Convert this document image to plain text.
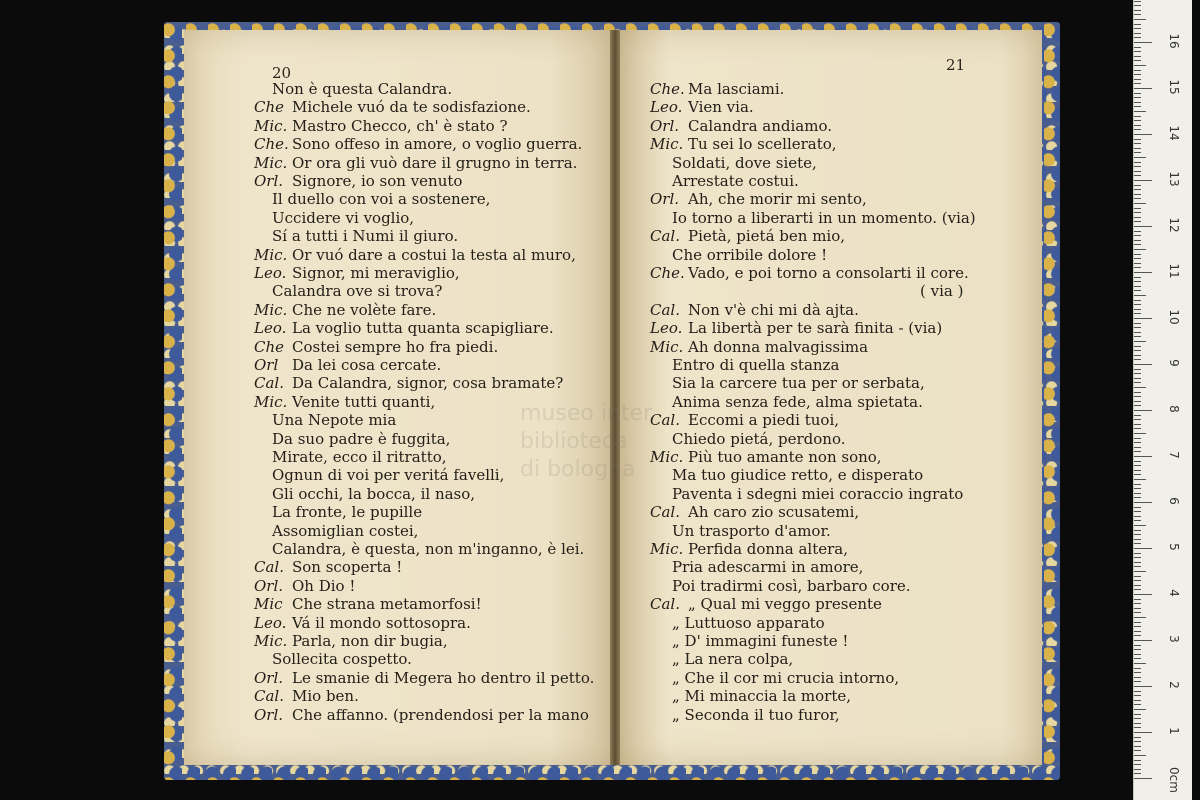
museo inter
biblioteca
di bologna
20	21
Non è questa Calandra.
Che Michele vuó da te sodisfazione.
Mic. Mastro Checco, ch' è stato ?
Che. Sono offeso in amore, o voglio guerra.
Mic. Or ora gli vuò dare il grugno in terra.
Orl. Signore, io son venuto
Il duello con voi a sostenere,
Uccidere vi voglio,
Sí a tutti i Numi il giuro.
Mic. Or vuó dare a costui la testa al muro,
Leo. Signor, mi meraviglio,
Calandra ove si trova?
Mic. Che ne volète fare.
Leo. La voglio tutta quanta scapigliare.
Che Costei sempre ho fra piedi.
Orl Da lei cosa cercate.
Cal. Da Calandra, signor, cosa bramate?
Mic. Venite tutti quanti,
Una Nepote mia
Da suo padre è fuggita,
Mirate, ecco il ritratto,
Ognun di voi per veritá favelli,
Gli occhi, la bocca, il naso,
La fronte, le pupille
Assomiglian costei,
Calandra, è questa, non m'inganno, è lei.
Cal. Son scoperta !
Orl. Oh Dio !
Mic Che strana metamorfosi!
Leo. Vá il mondo sottosopra.
Mic. Parla, non dir bugia,
Sollecita cospetto.
Orl. Le smanie di Megera ho dentro il petto.
Cal. Mio ben.
Orl. Che affanno. (prendendosi per la mano
Che. Ma lasciami.
Leo. Vien via.
Orl. Calandra andiamo.
Mic. Tu sei lo scellerato,
Soldati, dove siete,
Arrestate costui.
Orl. Ah, che morir mi sento,
Io torno a liberarti in un momento. (via)
Cal. Pietà, pietá ben mio,
Che orribile dolore !
Che. Vado, e poi torno a consolarti il core.
( via )
Cal. Non v'è chi mi dà ajta.
Leo. La libertà per te sarà finita - (via)
Mic. Ah donna malvagissima
Entro di quella stanza
Sia la carcere tua per or serbata,
Anima senza fede, alma spietata.
Cal. Eccomi a piedi tuoi,
Chiedo pietá, perdono.
Mic. Più tuo amante non sono,
Ma tuo giudice retto, e disperato
Paventa i sdegni miei coraccio ingrato
Cal. Ah caro zio scusatemi,
Un trasporto d'amor.
Mic. Perfida donna altera,
Pria adescarmi in amore,
Poi tradirmi così, barbaro core.
Cal. „ Qual mi veggo presente
„ Luttuoso apparato
„ D' immagini funeste !
„ La nera colpa,
„ Che il cor mi crucia intorno,
„ Mi minaccia la morte,
„ Seconda il tuo furor,
0cm
1
2
3
4
5
6
7
8
9
10
11
12
13
14
15
16
